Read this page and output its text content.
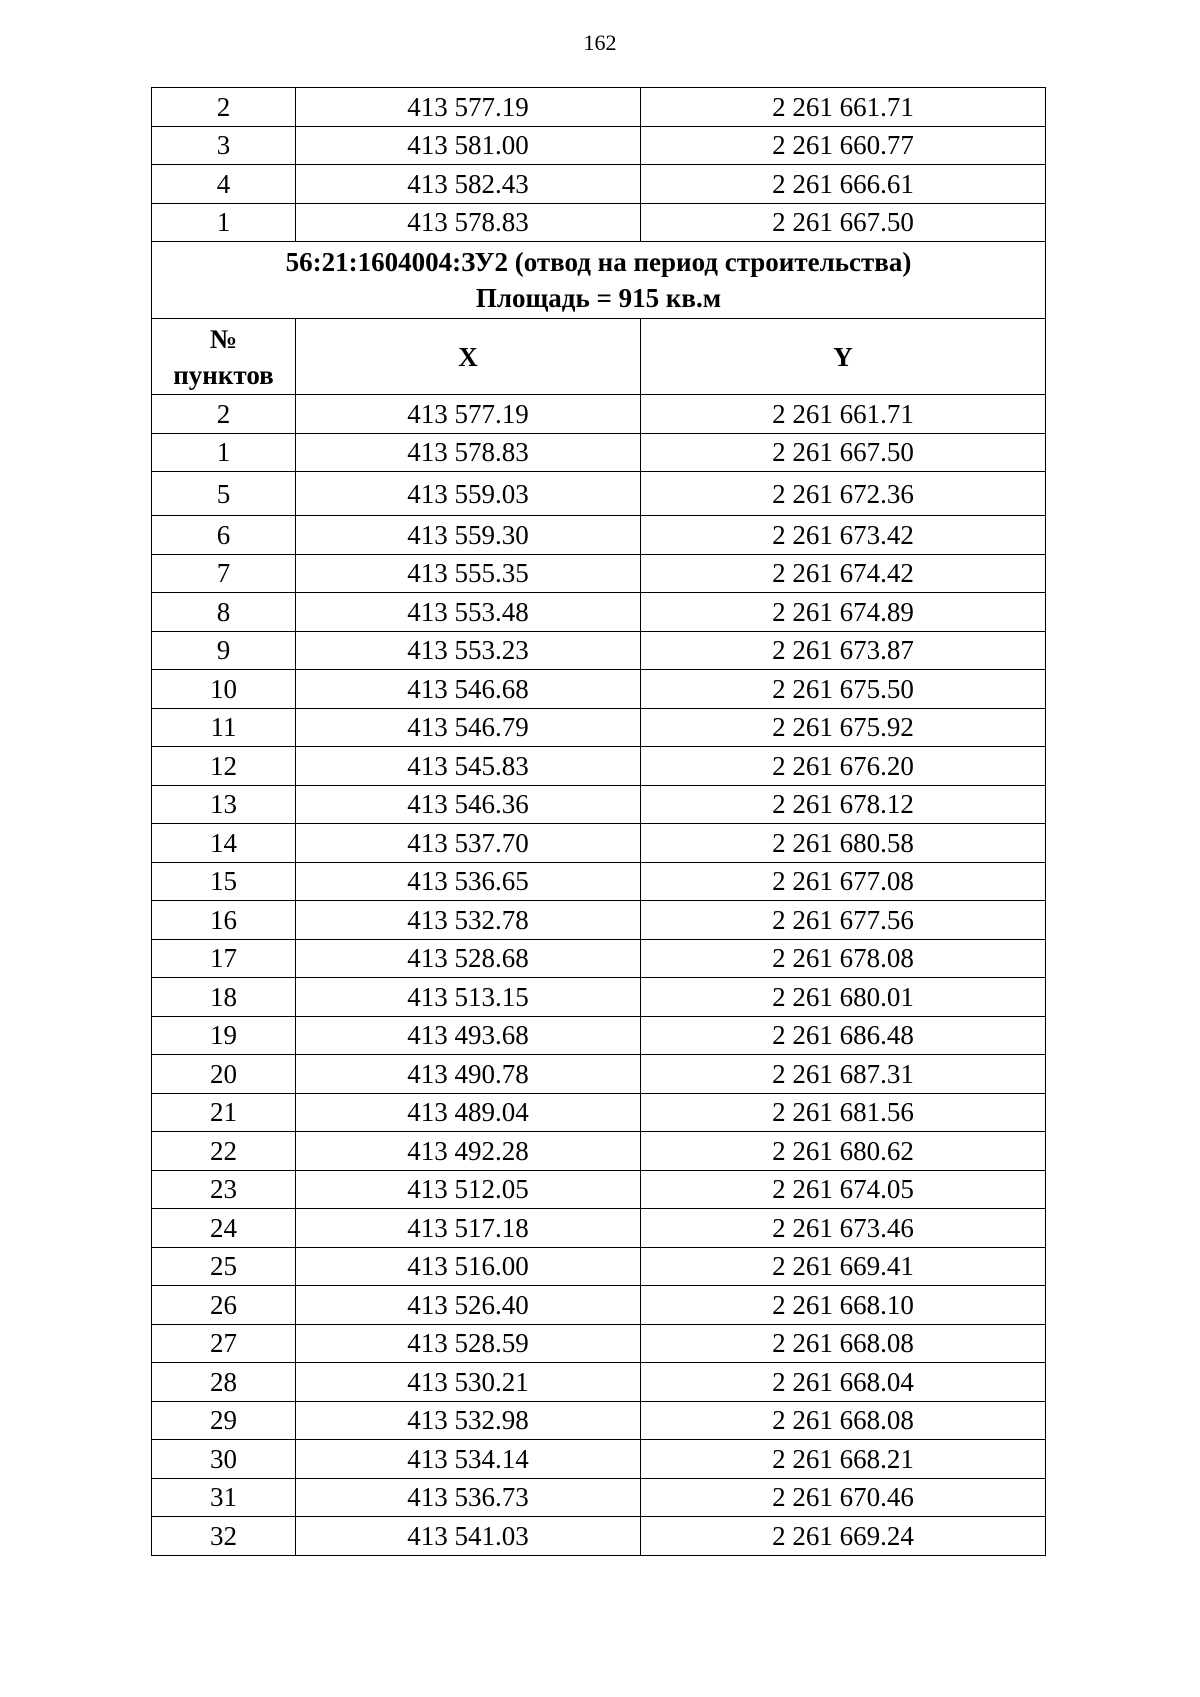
162
2	413 577.19	2 261 661.71
3	413 581.00	2 261 660.77
4	413 582.43	2 261 666.61
1	413 578.83	2 261 667.50

56:21:1604004:ЗУ2 (отвод на период строительства)
Площадь = 915 кв.м		

№
пунктов	X	Y
2	413 577.19	2 261 661.71
1	413 578.83	2 261 667.50
5	413 559.03	2 261 672.36
6	413 559.30	2 261 673.42
7	413 555.35	2 261 674.42
8	413 553.48	2 261 674.89
9	413 553.23	2 261 673.87
10	413 546.68	2 261 675.50
11	413 546.79	2 261 675.92
12	413 545.83	2 261 676.20
13	413 546.36	2 261 678.12
14	413 537.70	2 261 680.58
15	413 536.65	2 261 677.08
16	413 532.78	2 261 677.56
17	413 528.68	2 261 678.08
18	413 513.15	2 261 680.01
19	413 493.68	2 261 686.48
20	413 490.78	2 261 687.31
21	413 489.04	2 261 681.56
22	413 492.28	2 261 680.62
23	413 512.05	2 261 674.05
24	413 517.18	2 261 673.46
25	413 516.00	2 261 669.41
26	413 526.40	2 261 668.10
27	413 528.59	2 261 668.08
28	413 530.21	2 261 668.04
29	413 532.98	2 261 668.08
30	413 534.14	2 261 668.21
31	413 536.73	2 261 670.46
32	413 541.03	2 261 669.24
